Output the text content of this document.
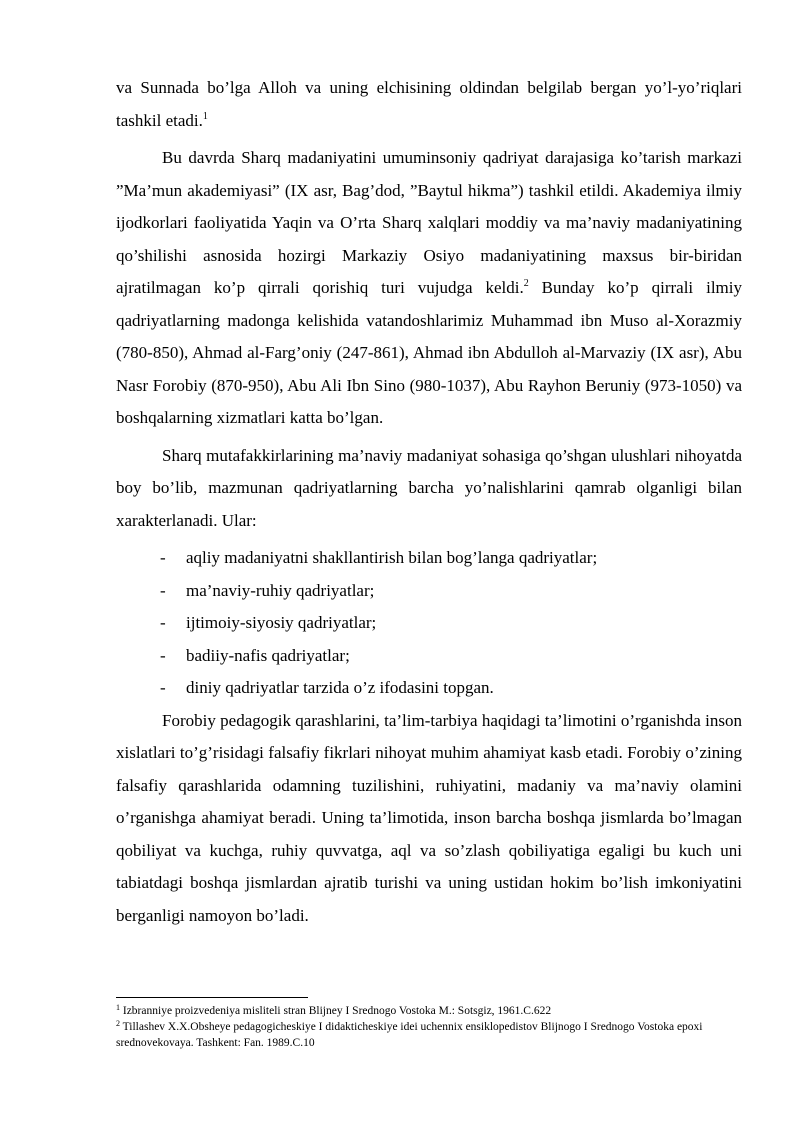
va Sunnada bo’lga Alloh va uning elchisining oldindan belgilab bergan yo’l-yo’riqlari tashkil etadi.$^1$

Bu davrda Sharq madaniyatini umuminsoniy qadriyat darajasiga ko’tarish markazi ”Ma’mun akademiyasi” (IX asr, Bag’dod, ”Baytul hikma”) tashkil etildi. Akademiya ilmiy ijodkorlari faoliyatida Yaqin va O’rta Sharq xalqlari moddiy va ma’naviy madaniyatining qo’shilishi asnosida hozirgi Markaziy Osiyo madaniyatining maxsus bir-biridan ajratilmagan ko’p qirrali qorishiq turi vujudga keldi.$^2$ Bunday ko’p qirrali ilmiy qadriyatlarning madonga kelishida vatandoshlarimiz Muhammad ibn Muso al-Xorazmiy (780-850), Ahmad al-Farg’oniy (247-861), Ahmad ibn Abdulloh al-Marvaziy (IX asr), Abu Nasr Forobiy (870-950), Abu Ali Ibn Sino (980-1037), Abu Rayhon Beruniy (973-1050) va boshqalarning xizmatlari katta bo’lgan.

Sharq mutafakkirlarining ma’naviy madaniyat sohasiga qo’shgan ulushlari nihoyatda boy bo’lib, mazmunan qadriyatlarning barcha yo’nalishlarini qamrab olganligi bilan xarakterlanadi. Ular:

- aqliy madaniyatni shakllantirish bilan bog’langa qadriyatlar;
- ma’naviy-ruhiy qadriyatlar;
- ijtimoiy-siyosiy qadriyatlar;
- badiiy-nafis qadriyatlar;
- diniy qadriyatlar tarzida o’z ifodasini topgan.

Forobiy pedagogik qarashlarini, ta’lim-tarbiya haqidagi ta’limotini o’rganishda inson xislatlari to’g’risidagi falsafiy fikrlari nihoyat muhim ahamiyat kasb etadi. Forobiy o’zining falsafiy qarashlarida odamning tuzilishini, ruhiyatini, madaniy va ma’naviy olamini o’rganishga ahamiyat beradi. Uning ta’limotida, inson barcha boshqa jismlarda bo’lmagan qobiliyat va kuchga, ruhiy quvvatga, aql va so’zlash qobiliyatiga egaligi bu kuch uni tabiatdagi boshqa jismlardan ajratib turishi va uning ustidan hokim bo’lish imkoniyatini berganligi namoyon bo’ladi.

$^1$ Izbranniye proizvedeniya misliteli stran Blijney I Srednogo Vostoka M.: Sotsgiz, 1961.C.622

$^2$ Tillashev X.X.Obsheye pedagogicheskiye I didakticheskiye idei uchennix ensiklopedistov Blijnogo I Srednogo Vostoka epoxi srednovekovaya. Tashkent: Fan. 1989.C.10
